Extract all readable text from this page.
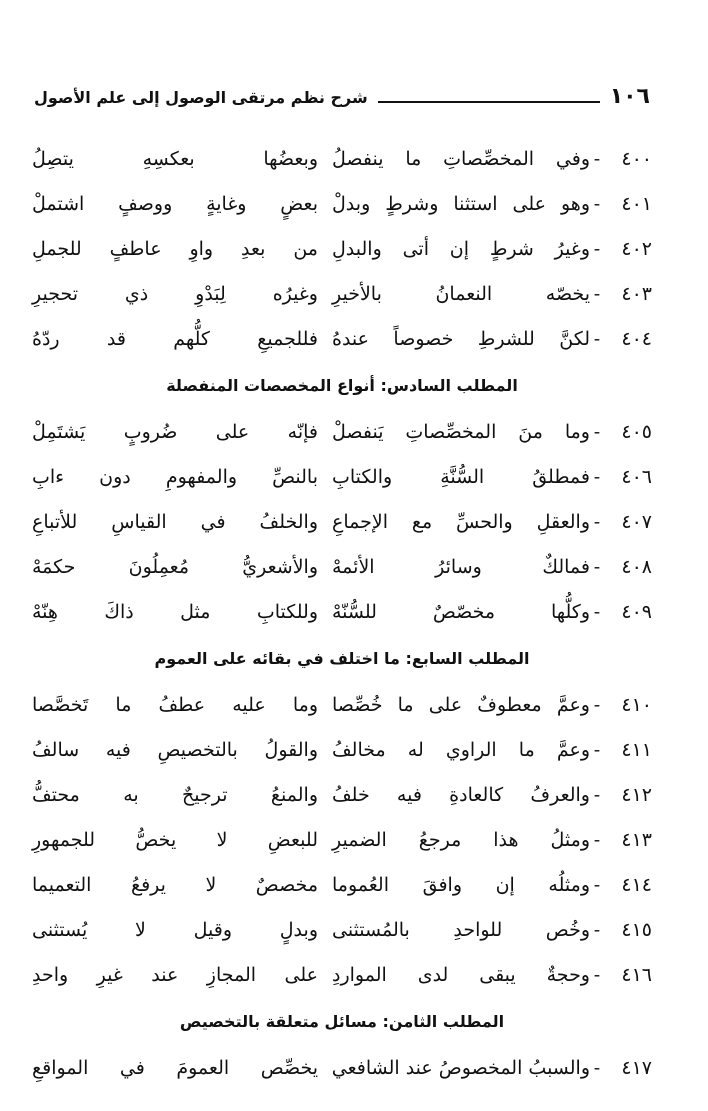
١٠٦
شرح نظم مرتقى الوصول إلى علم الأصول
٤٠٠
-
وفي المخصِّصاتِ ما ينفصلُ
وبعضُها بعكسِهِ يتصِلُ
٤٠١
-
وهو على استثنا وشرطٍ وبدلْ
بعضٍ وغايةٍ ووصفٍ اشتملْ
٤٠٢
-
وغيرُ شرطٍ إن أتى والبدلِ
من بعدِ واوِ عاطفٍ للجملِ
٤٠٣
-
يخصّه النعمانُ بالأخيرِ
وغيرُه لِبَدْوِ ذي تحجيرِ
٤٠٤
-
لكنَّ للشرطِ خصوصاً عندهُ
فللجميعِ كلُّهم قد ردّهُ
المطلب السادس: أنواع المخصصات المنفصلة
٤٠٥
-
وما منَ المخصِّصاتِ يَنفصلْ
فإنّه على ضُروبٍ يَشتَمِلْ
٤٠٦
-
فمطلقُ السُّنَّةِ والكتابِ
بالنصِّ والمفهومِ دون ءابِ
٤٠٧
-
والعقلِ والحسِّ مع الإجماعِ
والخلفُ في القياسِ للأتباعِ
٤٠٨
-
فمالكٌ وسائرُ الأئمهْ
والأشعريُّ مُعمِلُونَ حكمَهْ
٤٠٩
-
وكلُّها مخصّصٌ للسُّنّهْ
وللكتابِ مثل ذاكَ هِنّهْ
المطلب السابع: ما اختلف في بقائه على العموم
٤١٠
-
وعمَّ معطوفٌ على ما خُصِّصا
وما عليه عطفُ ما تَخصَّصا
٤١١
-
وعمَّ ما الراوي له مخالفُ
والقولُ بالتخصيصِ فيه سالفُ
٤١٢
-
والعرفُ كالعادةِ فيه خلفُ
والمنعُ ترجيحٌ به محتفُّ
٤١٣
-
ومثلُ هذا مرجعُ الضميرِ
للبعضِ لا يخصُّ للجمهورِ
٤١٤
-
ومثلُه إن وافقَ العُموما
مخصصٌ لا يرفعُ التعميما
٤١٥
-
وخُص للواحدِ بالمُستثنى
وبدلٍ وقيل لا يُستثنى
٤١٦
-
وحجةٌ يبقى لدى المواردِ
على المجازِ عند غيرِ واحدِ
المطلب الثامن: مسائل متعلقة بالتخصيص
٤١٧
-
والسببُ المخصوصُ عند الشافعي
يخصِّص العمومَ في المواقعِ
